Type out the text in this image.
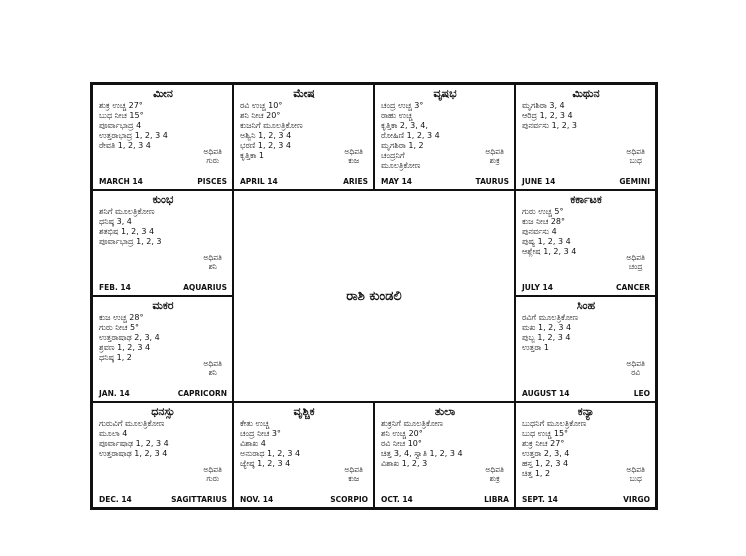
ಮೀನ
ಶುಕ್ರ ಉಚ್ಚ 27°
ಬುಧ ನೀಚ 15°
ಪೂರ್ವಾಭಾದ್ರ 4
ಉತ್ತರಾಭಾದ್ರ 1, 2, 3 4
ರೇವತಿ 1, 2, 3 4
ಅಧಿಪತಿ
ಗುರು
MARCH 14	PISCES
ಮೇಷ
ರವಿ ಉಚ್ಚ 10°
ಶನಿ ನೀಚ 20°
ಕುಜನಿಗೆ ಮೂಲತ್ರಿಕೋಣ
ಅಶ್ವಿನಿ 1, 2, 3 4
ಭರಣಿ 1, 2, 3 4
ಕೃತ್ತಿಕಾ 1	ಅಧಿಪತಿ
ಕುಜ
APRIL 14	ARIES
ವೃಷಭ
ಚಂದ್ರ ಉಚ್ಚ 3°
ರಾಹು ಉಚ್ಚ
ಕೃತ್ತಿಕಾ 2, 3, 4,
ರೋಹಿಣಿ 1, 2, 3 4
ಮೃಗಶಿರಾ 1, 2
ಚಂದ್ರನಿಗೆ
ಮೂಲತ್ರಿಕೋಣ
ಅಧಿಪತಿ
ಶುಕ್ರ
MAY 14	TAURUS
ಮಿಥುನ
ಮೃಗಶಿರಾ 3, 4
ಆರಿದ್ರ 1, 2, 3 4
ಪುನರ್ವಸು 1, 2, 3
ಅಧಿಪತಿ
ಬುಧ
JUNE 14	GEMINI
ಕುಂಭ
ಶನಿಗೆ ಮೂಲತ್ರಿಕೋಣ
ಧನಿಷ್ಠ 3, 4
ಶತಭಿಷ 1, 2, 3 4
ಪೂರ್ವಾಭಾದ್ರ 1, 2, 3
ಅಧಿಪತಿ
ಶನಿ
FEB. 14	AQUARIUS
ರಾಶಿ ಕುಂಡಲಿ
ಕರ್ಕಾಟಕ
ಗುರು ಉಚ್ಚ 5°
ಕುಜ ನೀಚ 28°
ಪುನರ್ವಸು 4
ಪುಷ್ಯ 1, 2, 3 4
ಆಶ್ಲೇಷ 1, 2, 3 4
ಅಧಿಪತಿ
ಚಂದ್ರ
JULY 14	CANCER
ಮಕರ
ಕುಜ ಉಚ್ಚ 28°
ಗುರು ನೀಚ 5°
ಉತ್ತರಾಷಾಢ 2, 3, 4
ಶ್ರವಣ 1, 2, 3 4
ಧನಿಷ್ಠ 1, 2
ಅಧಿಪತಿ
ಶನಿ
JAN. 14	CAPRICORN
ಸಿಂಹ
ರವಿಗೆ ಮೂಲತ್ರಿಕೋಣ
ಮಖ 1, 2, 3 4
ಪುಬ್ಬ 1, 2, 3 4
ಉತ್ತರಾ 1
ಅಧಿಪತಿ
ರವಿ
AUGUST 14	LEO
ಧನಸ್ಸು
ಗುರುವಿಗೆ ಮೂಲತ್ರಿಕೋಣ
ಮೂಲಾ 4
ಪೂರ್ವಾಷಾಢ 1, 2, 3 4
ಉತ್ತರಾಷಾಢ 1, 2, 3 4
ಅಧಿಪತಿ
ಗುರು
DEC. 14	SAGITTARIUS
ವೃಶ್ಚಿಕ
ಕೇತು ಉಚ್ಚ
ಚಂದ್ರ ನೀಚ 3°
ವಿಶಾಖ 4
ಅನುರಾಧ 1, 2, 3 4
ಜ್ಯೇಷ್ಠ 1, 2, 3 4
ಅಧಿಪತಿ
ಕುಜ
NOV. 14	SCORPIO
ತುಲಾ
ಶುಕ್ರನಿಗೆ ಮೂಲತ್ರಿಕೋಣ
ಶನಿ ಉಚ್ಚ 20°
ರವಿ ನೀಚ 10°
ಚಿತ್ತ 3, 4, ಸ್ವಾತಿ 1, 2, 3 4
ವಿಶಾಖ 1, 2, 3
ಅಧಿಪತಿ
ಶುಕ್ರ
OCT. 14	LIBRA
ಕನ್ಯಾ
ಬುಧನಿಗೆ ಮೂಲತ್ರಿಕೋಣ
ಬುಧ ಉಚ್ಚ 15°
ಶುಕ್ರ ನೀಚ 27°
ಉತ್ತರಾ 2, 3, 4
ಹಸ್ತ 1, 2, 3 4
ಚಿತ್ತ 1, 2	ಅಧಿಪತಿ
ಬುಧ
SEPT. 14	VIRGO
